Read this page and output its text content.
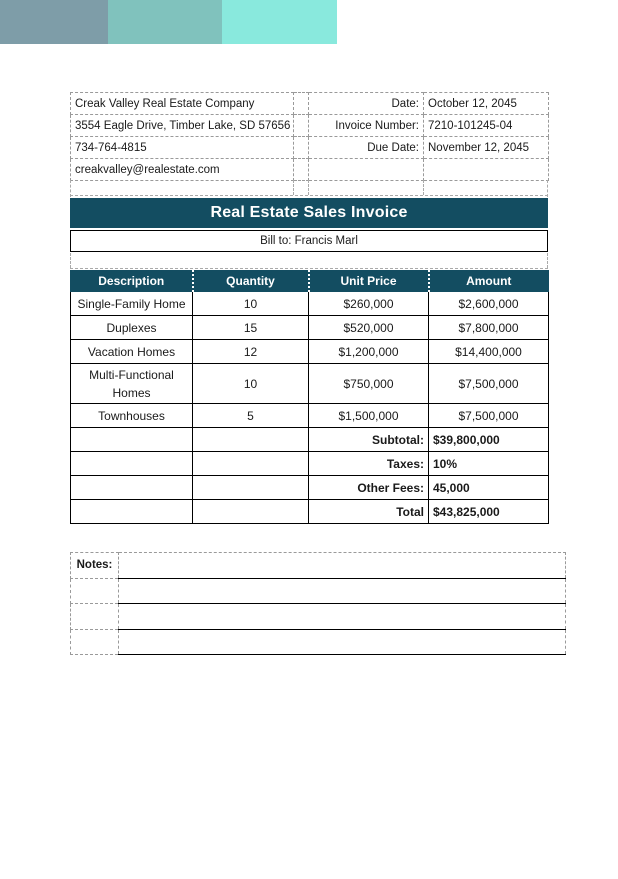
Creak Valley Real Estate Company		Date:	October 12, 2045
3554 Eagle Drive, Timber Lake, SD 57656		Invoice Number:	7210-101245-04
734-764-4815		Due Date:	November 12, 2045
creakvalley@realestate.com			
Real Estate Sales Invoice
Bill to: Francis Marl
Description	Quantity	Unit Price	Amount
Single-Family Home	10	$260,000	$2,600,000
Duplexes	15	$520,000	$7,800,000
Vacation Homes	12	$1,200,000	$14,400,000
Multi-Functional Homes	10	$750,000	$7,500,000
Townhouses	5	$1,500,000	$7,500,000
		Subtotal:	$39,800,000
		Taxes:	10%
		Other Fees:	45,000
		Total	$43,825,000
Notes:	
